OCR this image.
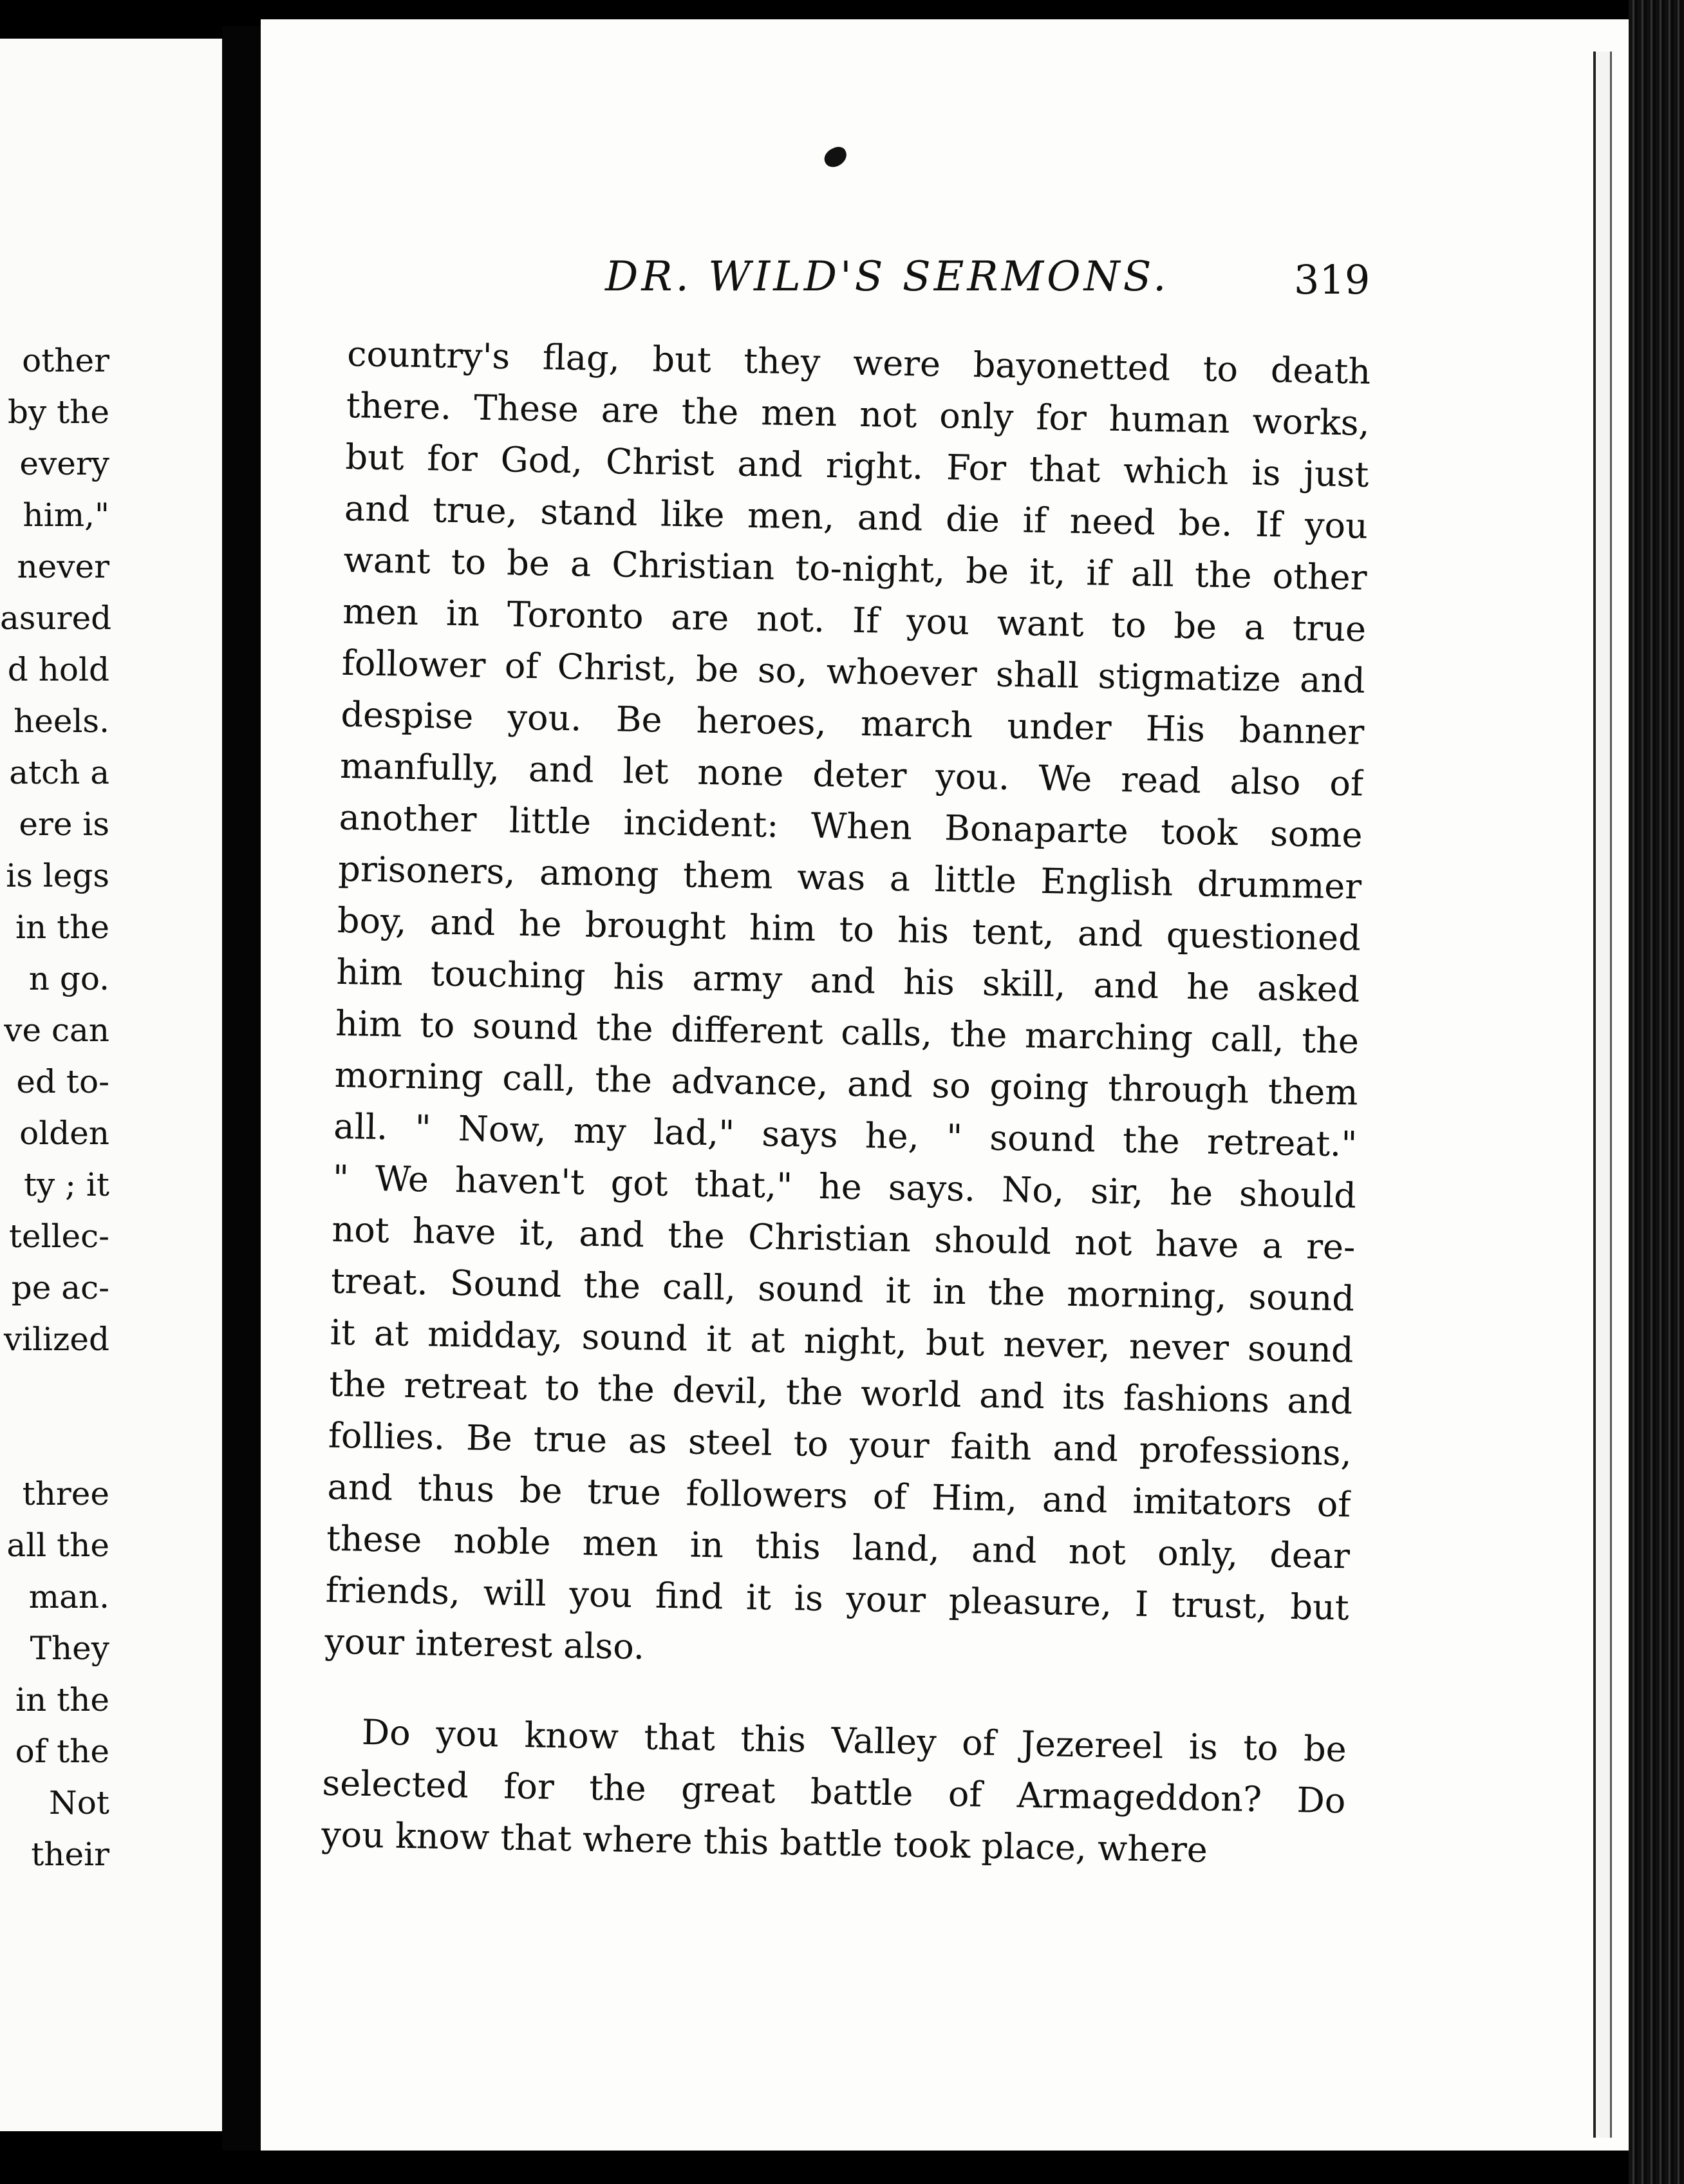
other
by the
every
him,"
never
asured
d hold
heels.
atch a
ere is
is legs
in the
n go.
ve can
ed to-
olden
ty ; it
tellec-
pe ac-
vilized
three
all the
man.
They
in the
of the
Not
their
DR. WILD'S SERMONS.	319
country's flag, but they were bayonetted to death
there. These are the men not only for human works,
but for God, Christ and right. For that which is just
and true, stand like men, and die if need be. If you
want to be a Christian to-night, be it, if all the other
men in Toronto are not. If you want to be a true
follower of Christ, be so, whoever shall stigmatize and
despise you. Be heroes, march under His banner
manfully, and let none deter you. We read also of
another little incident: When Bonaparte took some
prisoners, among them was a little English drummer
boy, and he brought him to his tent, and questioned
him touching his army and his skill, and he asked
him to sound the different calls, the marching call, the
morning call, the advance, and so going through them
all. " Now, my lad," says he, " sound the retreat."
" We haven't got that," he says. No, sir, he should
not have it, and the Christian should not have a re-
treat. Sound the call, sound it in the morning, sound
it at midday, sound it at night, but never, never sound
the retreat to the devil, the world and its fashions and
follies. Be true as steel to your faith and professions,
and thus be true followers of Him, and imitators of
these noble men in this land, and not only, dear
friends, will you find it is your pleasure, I trust, but
your interest also.
Do you know that this Valley of Jezereel is to be
selected for the great battle of Armageddon? Do
you know that where this battle took place, where
